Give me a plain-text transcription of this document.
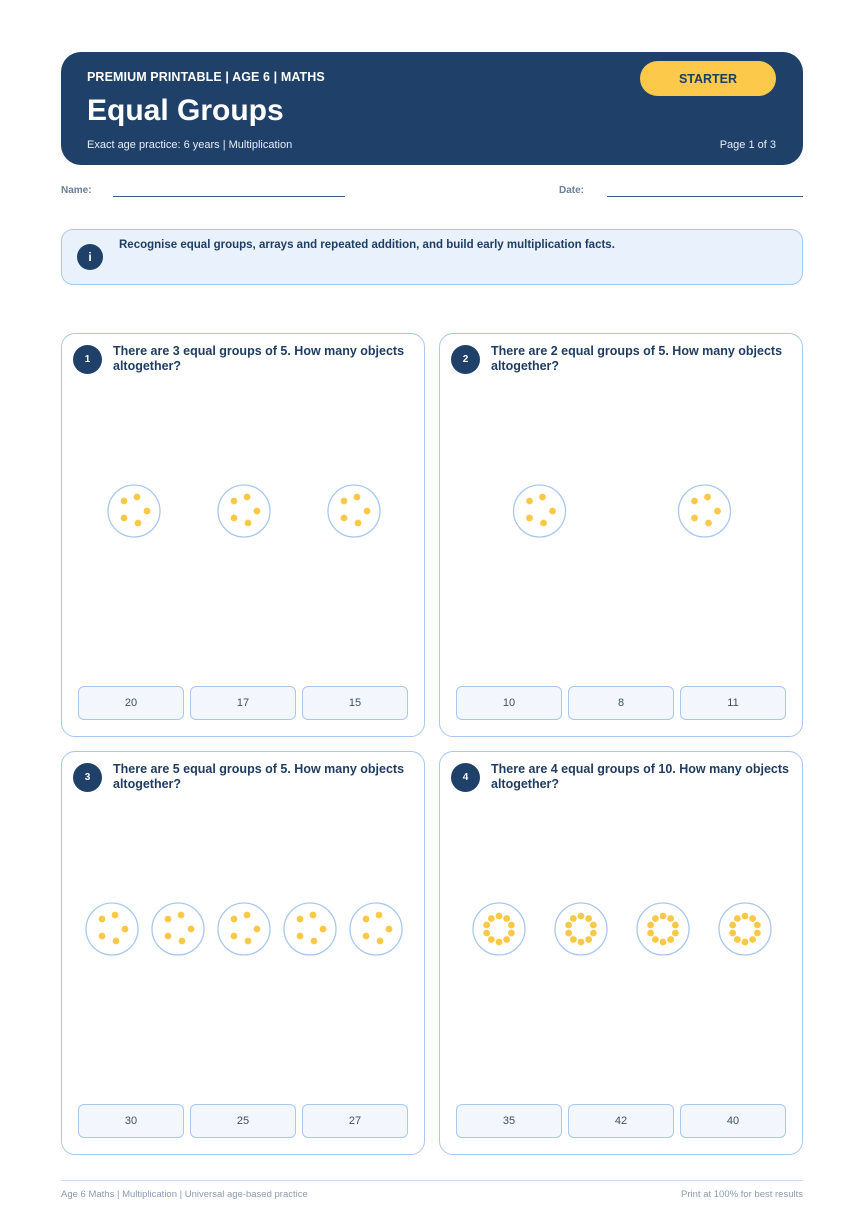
PREMIUM PRINTABLE | AGE 6 | MATHS
Equal Groups
Exact age practice: 6 years | Multiplication	Page 1 of 3
STARTER
Name:	Date:
i
Recognise equal groups, arrays and repeated addition, and build early multiplication facts.
1
There are 3 equal groups of 5. How many objects altogether?
20	17	15
2
There are 2 equal groups of 5. How many objects altogether?
10	8	11
3
There are 5 equal groups of 5. How many objects altogether?
30	25	27
4
There are 4 equal groups of 10. How many objects altogether?
35	42	40
Age 6 Maths | Multiplication | Universal age-based practice	Print at 100% for best results
